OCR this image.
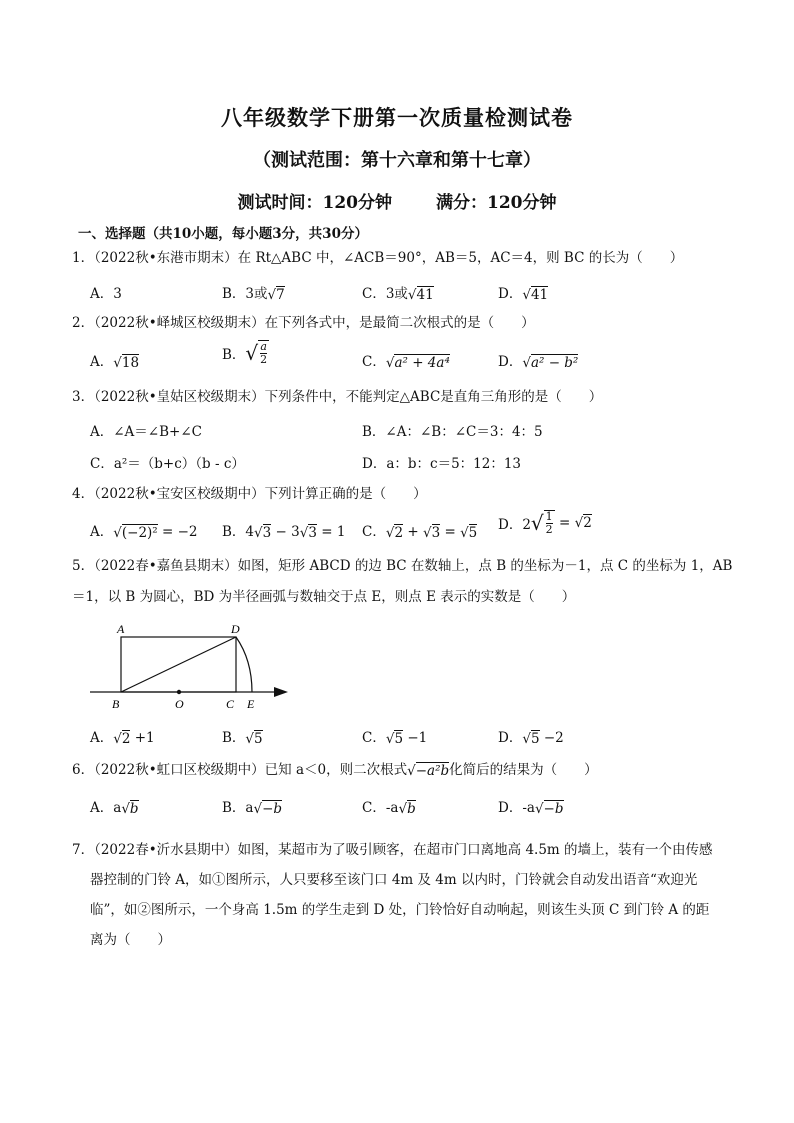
八年级数学下册第一次质量检测试卷
（测试范围：第十六章和第十七章）
测试时间：120分钟	满分：120分钟
一、选择题（共10小题，每小题3分，共30分）
1．（2022秋•东港市期末）在 Rt△ABC 中，∠ACB＝90°，AB＝5，AC＝4，则 BC 的长为（　　）
A．3	B．3或√7	C．3或√41	D．√41
2．（2022秋•峄城区校级期末）在下列各式中，是最简二次根式的是（　　）
A．√18	B．√ $\frac{a}{2}$	C．√a² + 4a⁴	D．√a² − b²
3．（2022秋•皇姑区校级期末）下列条件中，不能判定△ABC是直角三角形的是（　　）
A．∠A＝∠B+∠C	B．∠A：∠B：∠C＝3：4：5
C．a²＝（b+c）（b - c）	D．a：b：c＝5：12：13
4．（2022秋•宝安区校级期中）下列计算正确的是（　　）
A．√(−2)² = −2 B．4√3 − 3√3 = 1 C．√2 + √3 = √5 D．$2√ \frac{1}{2} = √2$
5．（2022春•嘉鱼县期末）如图，矩形 ABCD 的边 BC 在数轴上，点 B 的坐标为－1，点 C 的坐标为 1，AB
＝1，以 B 为圆心，BD 为半径画弧与数轴交于点 E，则点 E 表示的实数是（　　）
A	D
B	O	C E
A．√2 +1	B．√5	C．√5 −1	D．√5 −2
6．（2022秋•虹口区校级期中）已知 a＜0，则二次根式√−a²b化简后的结果为（　　）
A．a√b	B．a√−b	C．-a√b	D．-a√−b
7．（2022春•沂水县期中）如图，某超市为了吸引顾客，在超市门口离地高 4.5m 的墙上，装有一个由传感
器控制的门铃 A，如①图所示，人只要移至该门口 4m 及 4m 以内时，门铃就会自动发出语音“欢迎光
临”，如②图所示，一个身高 1.5m 的学生走到 D 处，门铃恰好自动响起，则该生头顶 C 到门铃 A 的距
离为（　　）
